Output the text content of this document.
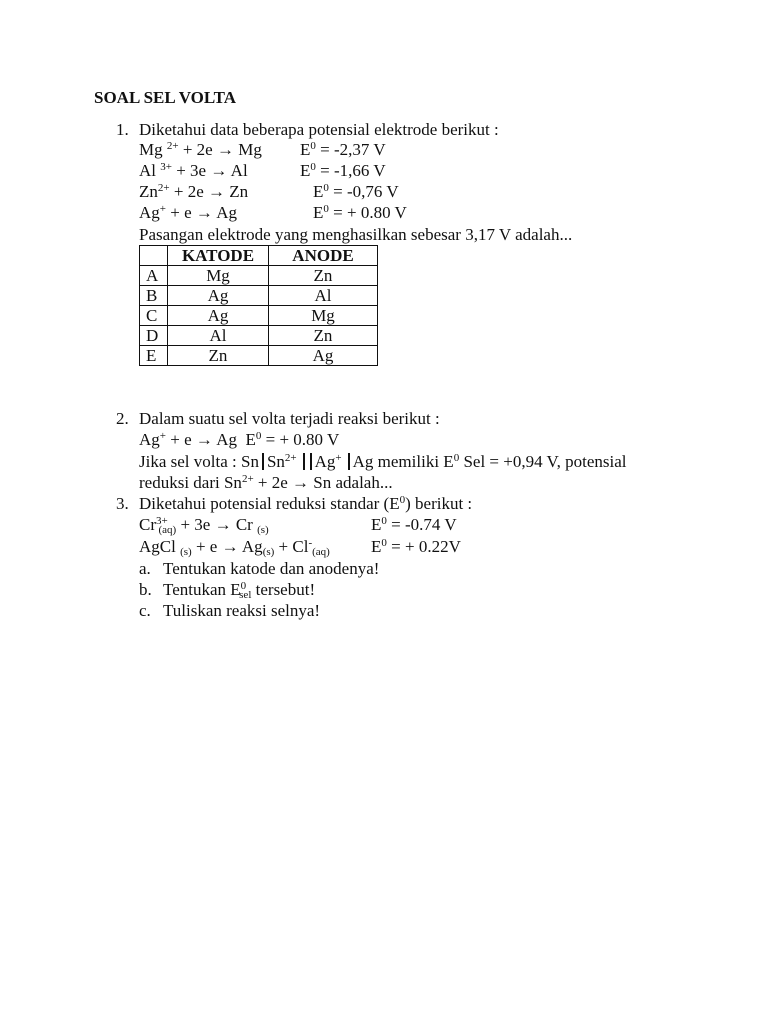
SOAL SEL VOLTA
1. Diketahui data beberapa potensial elektrode berikut :
Mg $^{2+}$ + 2e → Mg $E^0 = -2,37$ V
Al $^{3+}$ + 3e → Al	$E^0 = -1,66$ V
$Zn^{2+} + 2e \to Zn$	$E^0 = -0,76$ V
Ag+ + e → Ag	$E^0$ = + 0.80 V
Pasangan elektrode yang menghasilkan sebesar 3,17 V adalah...
	KATODE	ANODE
A	Mg	Zn
B	Ag	Al
C	Ag	Mg
D	Al	Zn
E	Zn	Ag
2. Dalam suatu sel volta terjadi reaksi berikut :
Ag+ + e → Ag  $E^0$ = + 0.80 V
Jika sel volta : Sn $Sn^{2+}$ Ag+ Ag memiliki $E^0$ Sel = +0,94 V, potensial
reduksi dari $Sn^{2+} + 2e \to Sn$ adalah...
3. Diketahui potensial reduksi standar $(E^0)$ berikut :
$Cr^{3+}$ $_{(aq)}$ + 3e → Cr $_{(s)}$	$E^0 = -0.74$ V
AgCl $_{(s)} + e \to Ag_{(s)} + Cl^-_{(aq)}$ $E^0$ = + 0.22V
a. Tentukan katode dan anodenya!
b. Tentukan $E^0_{sel}$ tersebut!
c. Tuliskan reaksi selnya!
